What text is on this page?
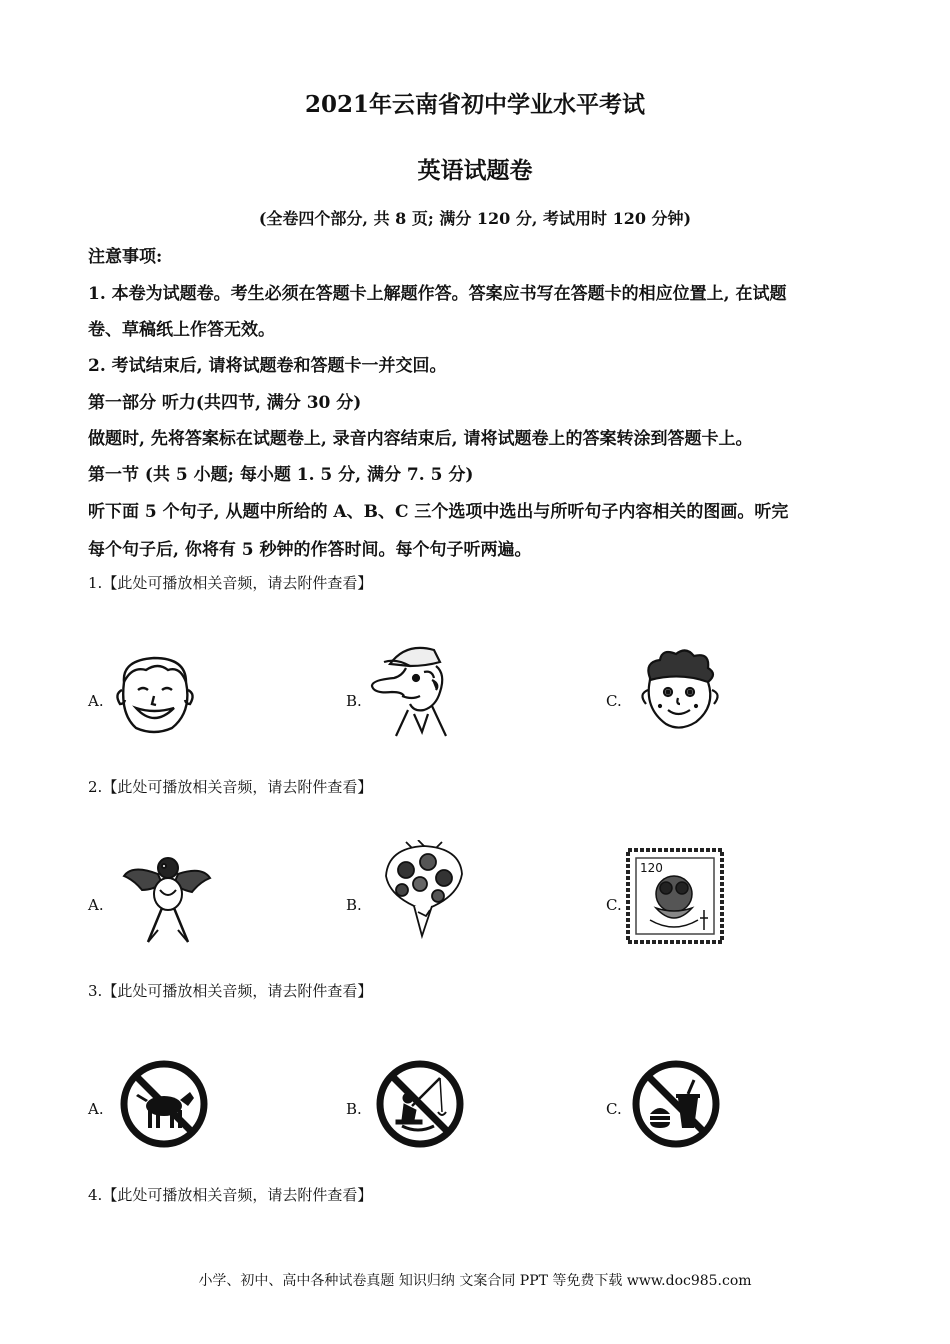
2021年云南省初中学业水平考试
英语试题卷
(全卷四个部分, 共 8 页; 满分 120 分, 考试用时 120 分钟)
注意事项:
1. 本卷为试题卷。考生必须在答题卡上解题作答。答案应书写在答题卡的相应位置上, 在试题
卷、草稿纸上作答无效。
2. 考试结束后, 请将试题卷和答题卡一并交回。
第一部分 听力(共四节, 满分 30 分)
做题时, 先将答案标在试题卷上, 录音内容结束后, 请将试题卷上的答案转涂到答题卡上。
第一节 (共 5 小题; 每小题 1. 5 分, 满分 7. 5 分)
听下面 5 个句子, 从题中所给的 A、B、C 三个选项中选出与所听句子内容相关的图画。听完
每个句子后, 你将有 5 秒钟的作答时间。每个句子听两遍。
1.【此处可播放相关音频，请去附件查看】
A.	B.	C.
2.【此处可播放相关音频，请去附件查看】
A.	B.	C.
120
3.【此处可播放相关音频，请去附件查看】
A.	B.	C.
4.【此处可播放相关音频，请去附件查看】
小学、初中、高中各种试卷真题 知识归纳 文案合同 PPT 等免费下载 www.doc985.com
